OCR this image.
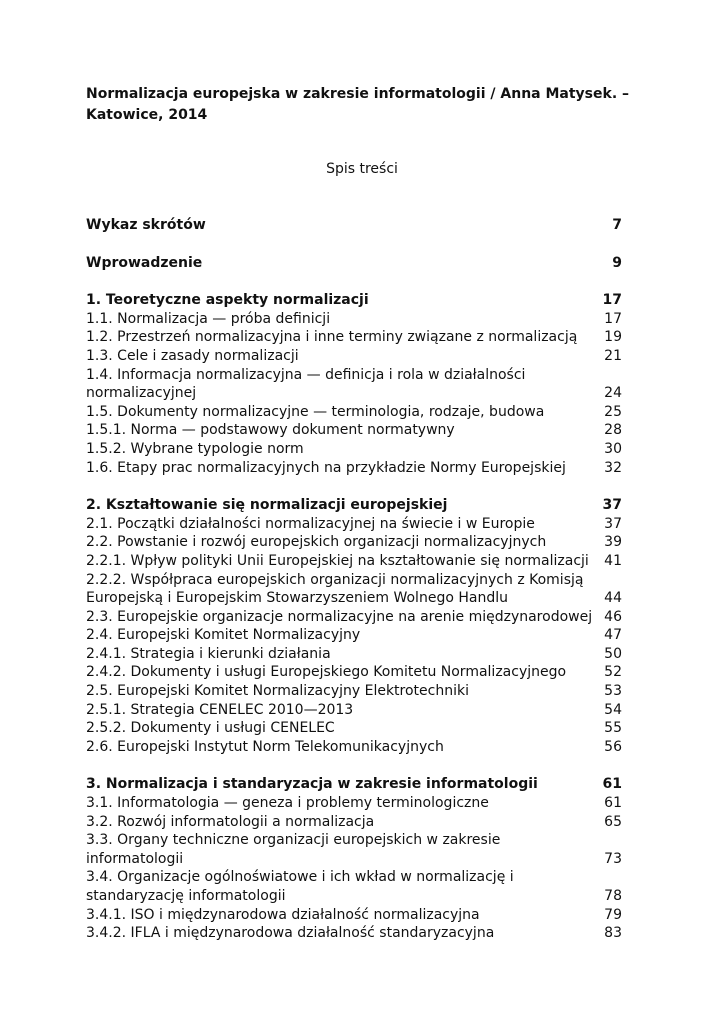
Normalizacja europejska w zakresie informatologii / Anna Matysek. – Katowice, 2014
Spis treści
Wykaz skrótów	7
Wprowadzenie	9
1. Teoretyczne aspekty normalizacji	17
1.1. Normalizacja — próba definicji	17
1.2. Przestrzeń normalizacyjna i inne terminy związane z normalizacją	19
1.3. Cele i zasady normalizacji	21
1.4. Informacja normalizacyjna — definicja i rola w działalności normalizacyjnej	24
1.5. Dokumenty normalizacyjne — terminologia, rodzaje, budowa	25
1.5.1. Norma — podstawowy dokument normatywny	28
1.5.2. Wybrane typologie norm	30
1.6. Etapy prac normalizacyjnych na przykładzie Normy Europejskiej	32
2. Kształtowanie się normalizacji europejskiej	37
2.1. Początki działalności normalizacyjnej na świecie i w Europie	37
2.2. Powstanie i rozwój europejskich organizacji normalizacyjnych	39
2.2.1. Wpływ polityki Unii Europejskiej na kształtowanie się normalizacji	41
2.2.2. Współpraca europejskich organizacji normalizacyjnych z Komisją Europejską i Europejskim Stowarzyszeniem Wolnego Handlu	44
2.3. Europejskie organizacje normalizacyjne na arenie międzynarodowej 46
2.4. Europejski Komitet Normalizacyjny	47
2.4.1. Strategia i kierunki działania	50
2.4.2. Dokumenty i usługi Europejskiego Komitetu Normalizacyjnego	52
2.5. Europejski Komitet Normalizacyjny Elektrotechniki	53
2.5.1. Strategia CENELEC 2010—2013	54
2.5.2. Dokumenty i usługi CENELEC	55
2.6. Europejski Instytut Norm Telekomunikacyjnych	56
3. Normalizacja i standaryzacja w zakresie informatologii	61
3.1. Informatologia — geneza i problemy terminologiczne	61
3.2. Rozwój informatologii a normalizacja	65
3.3. Organy techniczne organizacji europejskich w zakresie informatologii	73
3.4. Organizacje ogólnoświatowe i ich wkład w normalizację i standaryzację informatologii	78
3.4.1. ISO i międzynarodowa działalność normalizacyjna	79
3.4.2. IFLA i międzynarodowa działalność standaryzacyjna	83
